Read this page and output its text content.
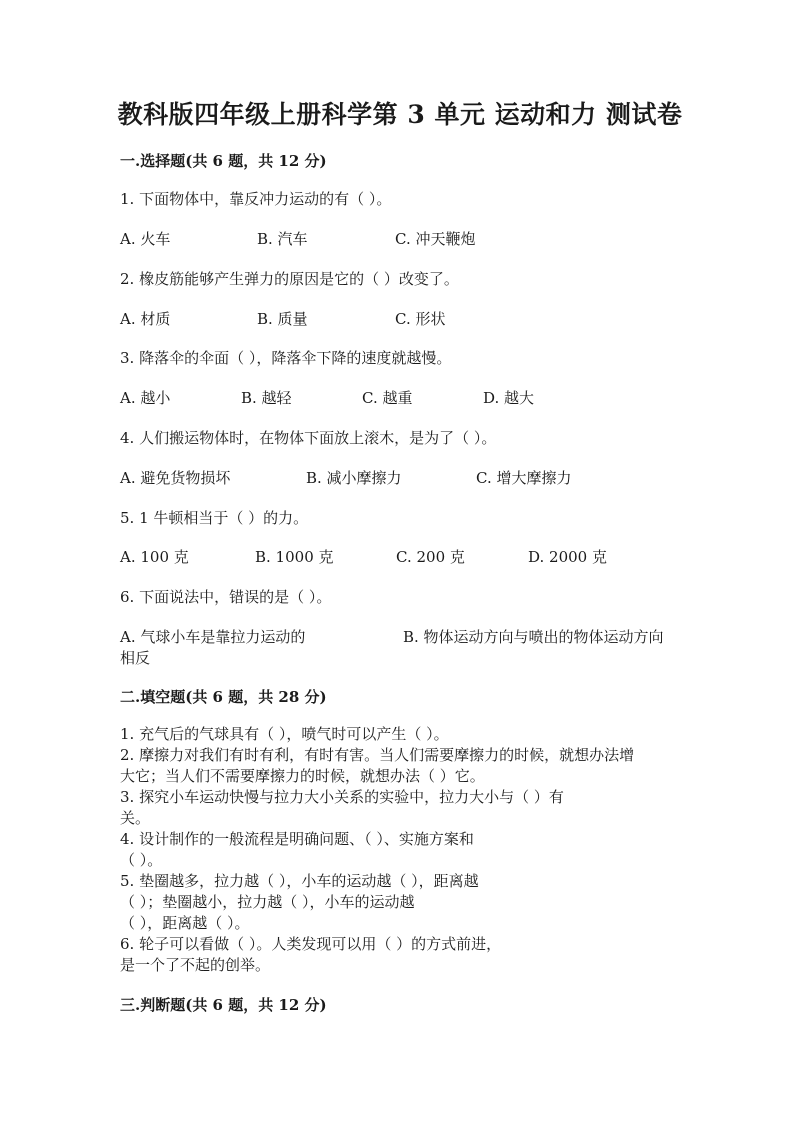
教科版四年级上册科学第 3 单元 运动和力 测试卷
一.选择题(共 6 题，共 12 分)
1. 下面物体中，靠反冲力运动的有（ ）。
A. 火车	B. 汽车	C. 冲天鞭炮
2. 橡皮筋能够产生弹力的原因是它的（ ）改变了。
A. 材质	B. 质量	C. 形状
3. 降落伞的伞面（ ），降落伞下降的速度就越慢。
A. 越小	B. 越轻	C. 越重	D. 越大
4. 人们搬运物体时，在物体下面放上滚木，是为了（ ）。
A. 避免货物损坏	B. 减小摩擦力	C. 增大摩擦力
5. 1 牛顿相当于（ ）的力。
A. 100 克	B. 1000 克	C. 200 克	D. 2000 克
6. 下面说法中，错误的是（ ）。
A. 气球小车是靠拉力运动的	B. 物体运动方向与喷出的物体运动方向
相反
二.填空题(共 6 题，共 28 分)

1. 充气后的气球具有（ ），喷气时可以产生（ ）。

2. 摩擦力对我们有时有利，有时有害。当人们需要摩擦力的时候，就想办法增

大它；当人们不需要摩擦力的时候，就想办法（ ）它。

3. 探究小车运动快慢与拉力大小关系的实验中，拉力大小与（ ）有

关。

4. 设计制作的一般流程是明确问题、（ ）、实施方案和

（ ）。

5. 垫圈越多，拉力越（ ），小车的运动越（ ），距离越

（ ）；垫圈越小，拉力越（ ），小车的运动越

（ ），距离越（ ）。

6. 轮子可以看做（ ）。人类发现可以用（ ）的方式前进，

是一个了不起的创举。

三.判断题(共 6 题，共 12 分)
